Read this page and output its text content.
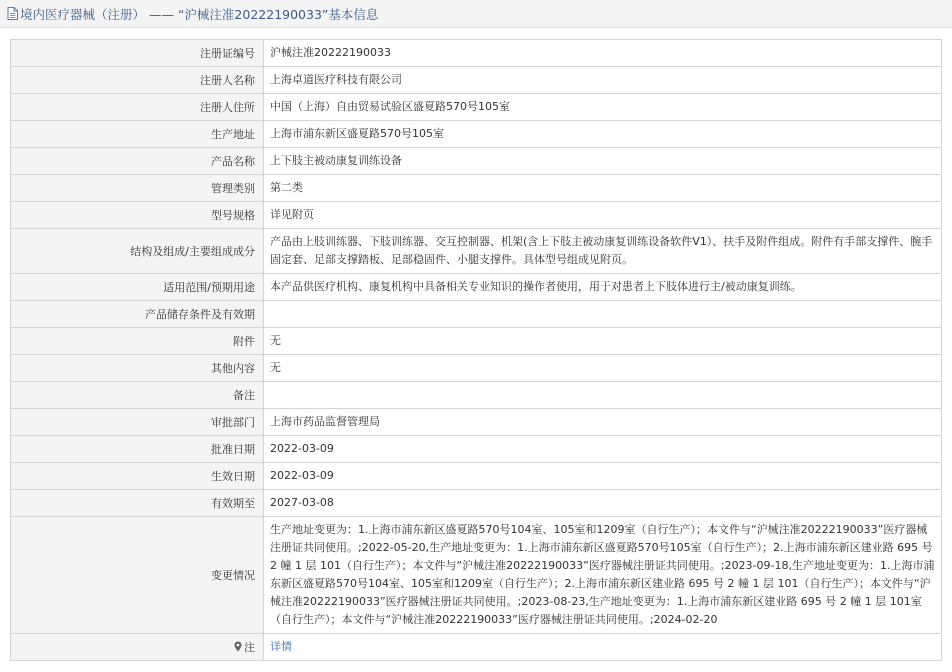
境内医疗器械（注册） —— “沪械注准20222190033”基本信息
注册证编号	沪械注准20222190033
注册人名称	上海卓道医疗科技有限公司
注册人住所	中国（上海）自由贸易试验区盛夏路570号105室
生产地址	上海市浦东新区盛夏路570号105室
产品名称	上下肢主被动康复训练设备
管理类别	第二类
型号规格	详见附页
结构及组成/主要组成成分	产品由上肢训练器、下肢训练器、交互控制器、机架(含上下肢主被动康复训练设备软件V1）、扶手及附件组成。附件有手部支撑件、腕手固定套、足部支撑踏板、足部稳固件、小腿支撑件。具体型号组成见附页。
适用范围/预期用途	本产品供医疗机构、康复机构中具备相关专业知识的操作者使用，用于对患者上下肢体进行主/被动康复训练。
产品储存条件及有效期	
附件	无
其他内容	无
备注	
审批部门	上海市药品监督管理局
批准日期	2022-03-09
生效日期	2022-03-09
有效期至	2027-03-08
变更情况	生产地址变更为：1.上海市浦东新区盛夏路570号104室、105室和1209室（自行生产）；本文件与“沪械注准20222190033”医疗器械注册证共同使用。;2022-05-20,生产地址变更为：1.上海市浦东新区盛夏路570号105室（自行生产）；2.上海市浦东新区建业路 695 号 2 幢 1 层 101（自行生产）；本文件与“沪械注准20222190033”医疗器械注册证共同使用。;2023-09-18,生产地址变更为：1.上海市浦东新区盛夏路570号104室、105室和1209室（自行生产）；2.上海市浦东新区建业路 695 号 2 幢 1 层 101（自行生产）；本文件与“沪械注准20222190033”医疗器械注册证共同使用。;2023-08-23,生产地址变更为：1.上海市浦东新区建业路 695 号 2 幢 1 层 101室（自行生产）；本文件与“沪械注准20222190033”医疗器械注册证共同使用。;2024-02-20

注	详情
